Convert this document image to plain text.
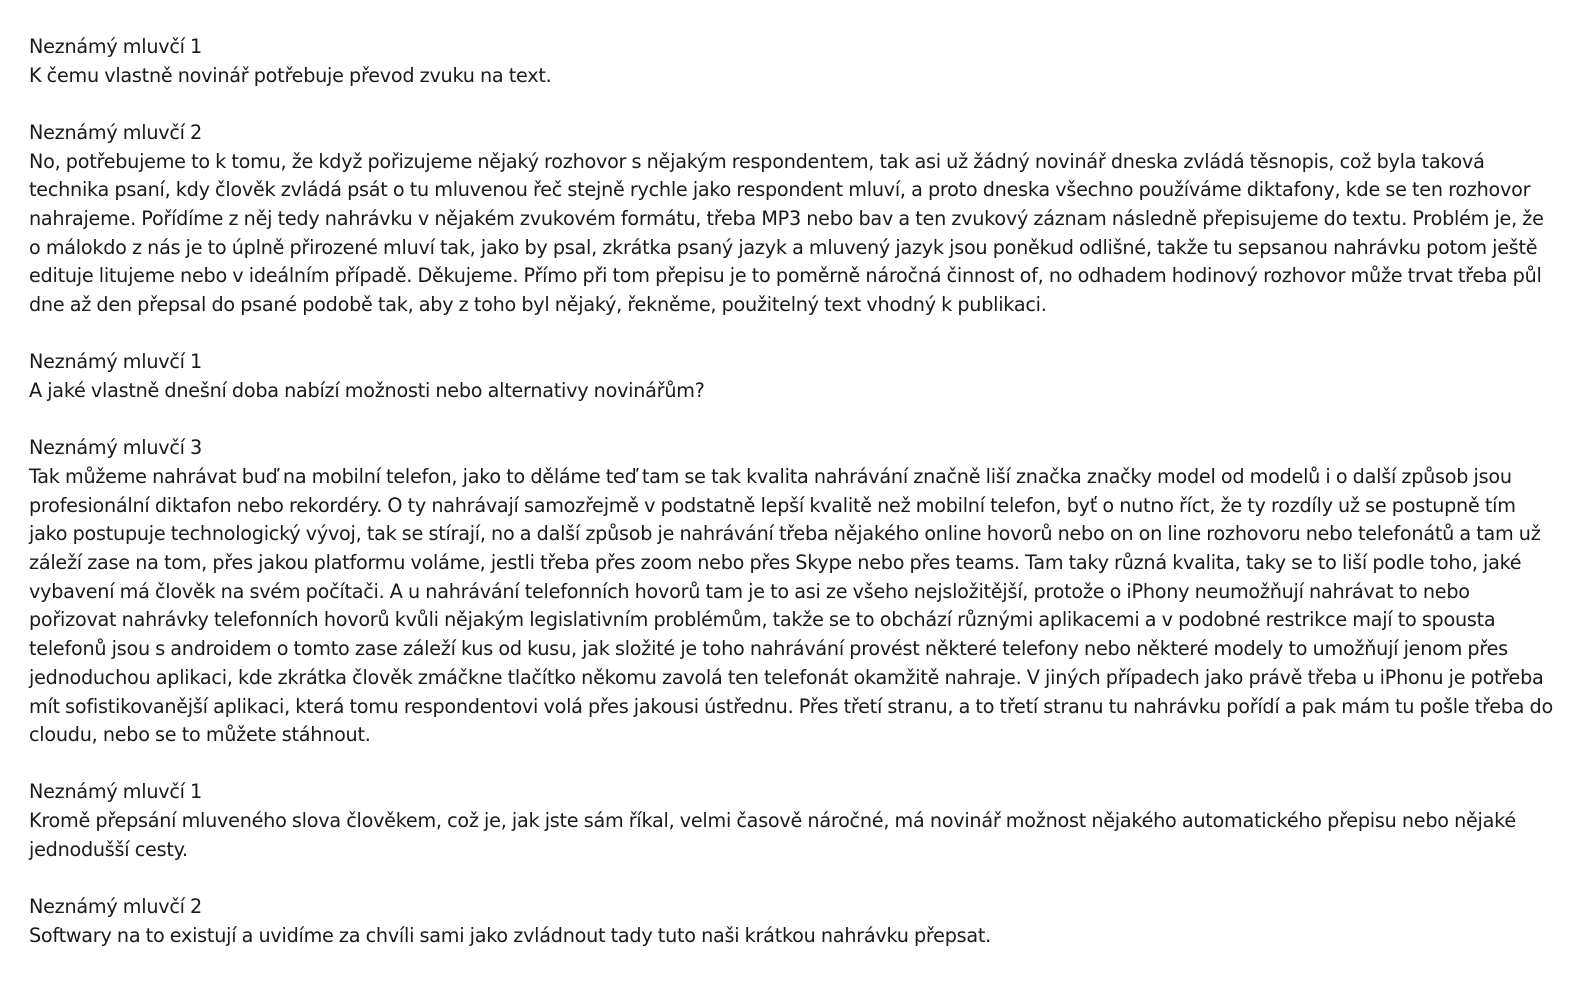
Neznámý mluvčí 1

K čemu vlastně novinář potřebuje převod zvuku na text.

Neznámý mluvčí 2

No, potřebujeme to k tomu, že když pořizujeme nějaký rozhovor s nějakým respondentem, tak asi už žádný novinář dneska zvládá těsnopis, což byla taková technika psaní, kdy člověk zvládá psát o tu mluvenou řeč stejně rychle jako respondent mluví, a proto dneska všechno používáme diktafony, kde se ten rozhovor nahrajeme. Pořídíme z něj tedy nahrávku v nějakém zvukovém formátu, třeba MP3 nebo bav a ten zvukový záznam následně přepisujeme do textu. Problém je, že o málokdo z nás je to úplně přirozené mluví tak, jako by psal, zkrátka psaný jazyk a mluvený jazyk jsou poněkud odlišné, takže tu sepsanou nahrávku potom ještě edituje litujeme nebo v ideálním případě. Děkujeme. Přímo při tom přepisu je to poměrně náročná činnost of, no odhadem hodinový rozhovor může trvat třeba půl dne až den přepsal do psané podobě tak, aby z toho byl nějaký, řekněme, použitelný text vhodný k publikaci.

Neznámý mluvčí 1

A jaké vlastně dnešní doba nabízí možnosti nebo alternativy novinářům?

Neznámý mluvčí 3

Tak můžeme nahrávat buď na mobilní telefon, jako to děláme teď tam se tak kvalita nahrávání značně liší značka značky model od modelů i o další způsob jsou profesionální diktafon nebo rekordéry. O ty nahrávají samozřejmě v podstatně lepší kvalitě než mobilní telefon, byť o nutno říct, že ty rozdíly už se postupně tím jako postupuje technologický vývoj, tak se stírají, no a další způsob je nahrávání třeba nějakého online hovorů nebo on on line rozhovoru nebo telefonátů a tam už záleží zase na tom, přes jakou platformu voláme, jestli třeba přes zoom nebo přes Skype nebo přes teams. Tam taky různá kvalita, taky se to liší podle toho, jaké vybavení má člověk na svém počítači. A u nahrávání telefonních hovorů tam je to asi ze všeho nejsložitější, protože o iPhony neumožňují nahrávat to nebo pořizovat nahrávky telefonních hovorů kvůli nějakým legislativním problémům, takže se to obchází různými aplikacemi a v podobné restrikce mají to spousta telefonů jsou s androidem o tomto zase záleží kus od kusu, jak složité je toho nahrávání provést některé telefony nebo některé modely to umožňují jenom přes jednoduchou aplikaci, kde zkrátka člověk zmáčkne tlačítko někomu zavolá ten telefonát okamžitě nahraje. V jiných případech jako právě třeba u iPhonu je potřeba mít sofistikovanější aplikaci, která tomu respondentovi volá přes jakousi ústřednu. Přes třetí stranu, a to třetí stranu tu nahrávku pořídí a pak mám tu pošle třeba do cloudu, nebo se to můžete stáhnout.

Neznámý mluvčí 1

Kromě přepsání mluveného slova člověkem, což je, jak jste sám říkal, velmi časově náročné, má novinář možnost nějakého automatického přepisu nebo nějaké jednodušší cesty.

Neznámý mluvčí 2

Softwary na to existují a uvidíme za chvíli sami jako zvládnout tady tuto naši krátkou nahrávku přepsat.
